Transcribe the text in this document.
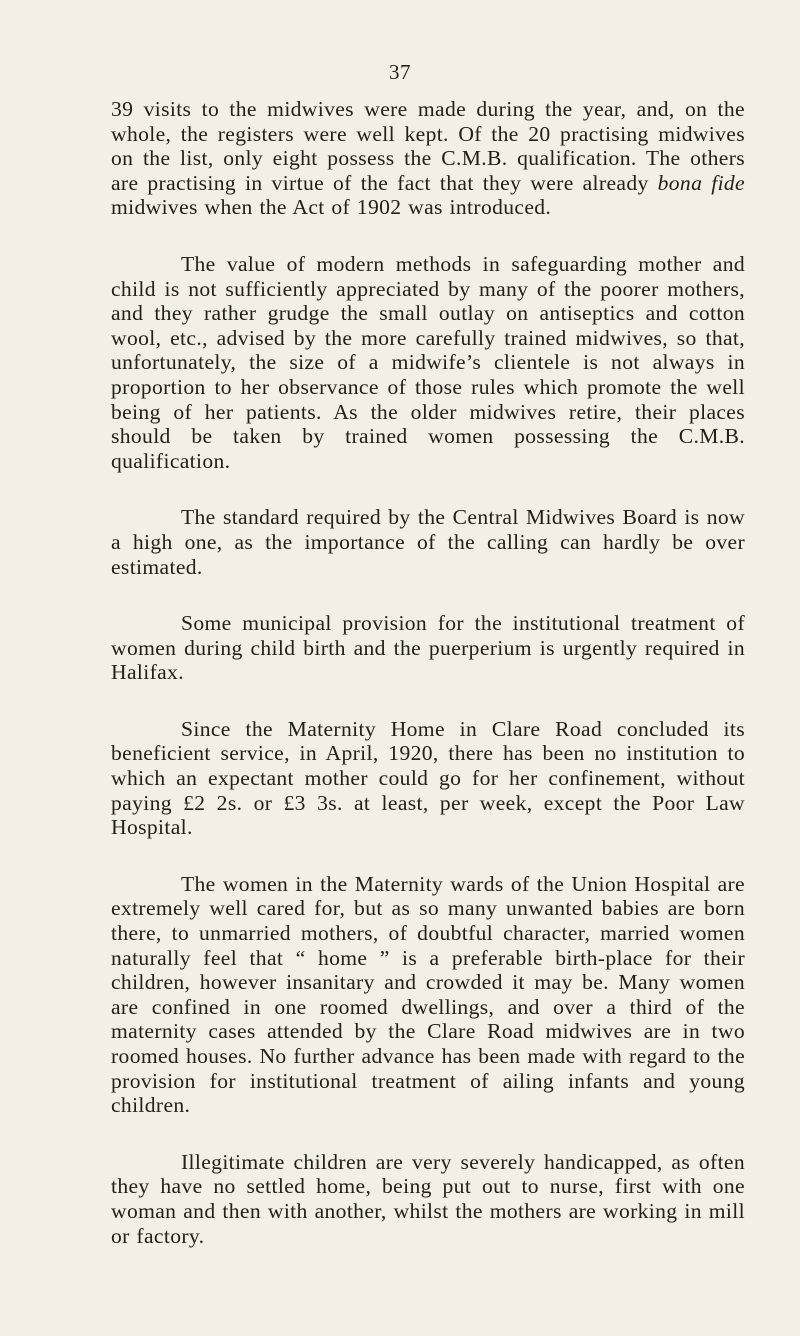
37

39 visits to the midwives were made during the year, and, on the whole, the registers were well kept. Of the 20 practising midwives on the list, only eight possess the C.M.B. qualification. The others are practising in virtue of the fact that they were already bona fide midwives when the Act of 1902 was introduced.

The value of modern methods in safeguarding mother and child is not sufficiently appreciated by many of the poorer mothers, and they rather grudge the small outlay on antiseptics and cotton wool, etc., advised by the more carefully trained midwives, so that, unfortunately, the size of a midwife’s clientele is not always in proportion to her observance of those rules which promote the well being of her patients. As the older midwives retire, their places should be taken by trained women possessing the C.M.B. qualification.

The standard required by the Central Midwives Board is now a high one, as the importance of the calling can hardly be over estimated.

Some municipal provision for the institutional treatment of women during child birth and the puerperium is urgently required in Halifax.

Since the Maternity Home in Clare Road concluded its beneficient service, in April, 1920, there has been no institution to which an expectant mother could go for her confinement, without paying £2 2s. or £3 3s. at least, per week, except the Poor Law Hospital.

The women in the Maternity wards of the Union Hospital are extremely well cared for, but as so many unwanted babies are born there, to unmarried mothers, of doubtful character, married women naturally feel that “ home ” is a preferable birth-place for their children, however insanitary and crowded it may be. Many women are confined in one roomed dwellings, and over a third of the maternity cases attended by the Clare Road midwives are in two roomed houses. No further advance has been made with regard to the provision for institutional treatment of ailing infants and young children.

Illegitimate children are very severely handicapped, as often they have no settled home, being put out to nurse, first with one woman and then with another, whilst the mothers are working in mill or factory.
